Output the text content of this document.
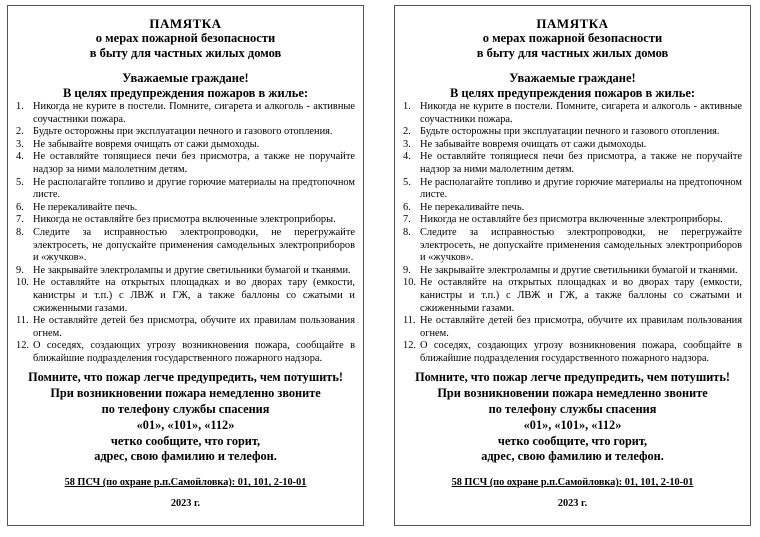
ПАМЯТКА
о мерах пожарной безопасности
в быту для частных жилых домов
Уважаемые граждане!
В целях предупреждения пожаров в жилье:
1. Никогда не курите в постели. Помните, сигарета и алкоголь - активные соучастники пожара.
2. Будьте осторожны при эксплуатации печного и газового отопления.
3. Не забывайте вовремя очищать от сажи дымоходы.
4. Не оставляйте топящиеся печи без присмотра, а также не поручайте надзор за ними малолетним детям.
5. Не располагайте топливо и другие горючие материалы на предтопочном листе.
6. Не перекаливайте печь.
7. Никогда не оставляйте без присмотра включенные электроприборы.
8. Следите за исправностью электропроводки, не перегружайте электросеть, не допускайте применения самодельных электроприборов и «жучков».
9. Не закрывайте электролампы и другие светильники бумагой и тканями.
10. Не оставляйте на открытых площадках и во дворах тару (емкости, канистры и т.п.) с ЛВЖ и ГЖ, а также баллоны со сжатыми и сжиженными газами.
11. Не оставляйте детей без присмотра, обучите их правилам пользования огнем.
12. О соседях, создающих угрозу возникновения пожара, сообщайте в ближайшие подразделения государственного пожарного надзора.
Помните, что пожар легче предупредить, чем потушить!
При возникновении пожара немедленно звоните
по телефону службы спасения
«01», «101», «112»
четко сообщите, что горит,
адрес, свою фамилию и телефон.
58 ПСЧ (по охране р.п.Самойловка): 01, 101, 2-10-01
2023 г.
ПАМЯТКА
о мерах пожарной безопасности
в быту для частных жилых домов
Уважаемые граждане!
В целях предупреждения пожаров в жилье:
1. Никогда не курите в постели. Помните, сигарета и алкоголь - активные соучастники пожара.
2. Будьте осторожны при эксплуатации печного и газового отопления.
3. Не забывайте вовремя очищать от сажи дымоходы.
4. Не оставляйте топящиеся печи без присмотра, а также не поручайте надзор за ними малолетним детям.
5. Не располагайте топливо и другие горючие материалы на предтопочном листе.
6. Не перекаливайте печь.
7. Никогда не оставляйте без присмотра включенные электроприборы.
8. Следите за исправностью электропроводки, не перегружайте электросеть, не допускайте применения самодельных электроприборов и «жучков».
9. Не закрывайте электролампы и другие светильники бумагой и тканями.
10. Не оставляйте на открытых площадках и во дворах тару (емкости, канистры и т.п.) с ЛВЖ и ГЖ, а также баллоны со сжатыми и сжиженными газами.
11. Не оставляйте детей без присмотра, обучите их правилам пользования огнем.
12. О соседях, создающих угрозу возникновения пожара, сообщайте в ближайшие подразделения государственного пожарного надзора.
Помните, что пожар легче предупредить, чем потушить!
При возникновении пожара немедленно звоните
по телефону службы спасения
«01», «101», «112»
четко сообщите, что горит,
адрес, свою фамилию и телефон.
58 ПСЧ (по охране р.п.Самойловка): 01, 101, 2-10-01
2023 г.
